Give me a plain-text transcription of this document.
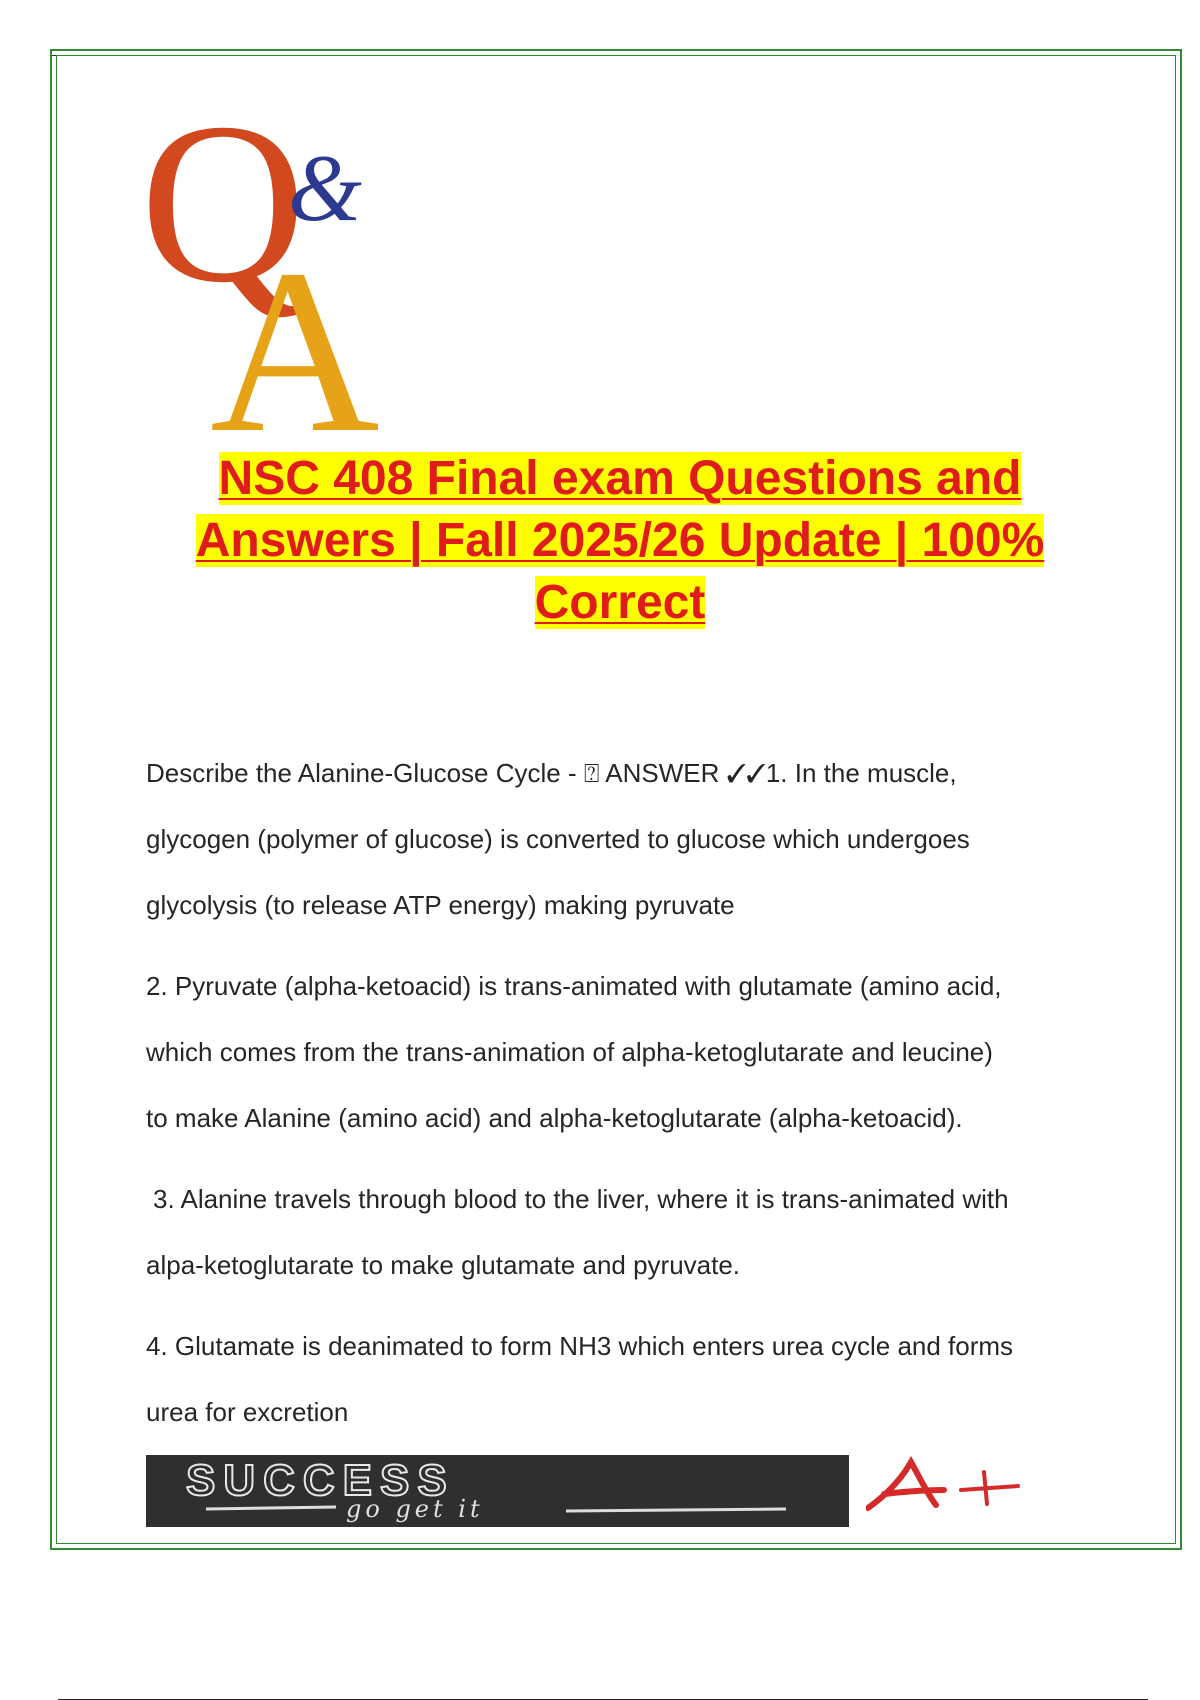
Q
&
A
NSC 408 Final exam Questions and
Answers | Fall 2025/26 Update | 100%
Correct

Describe the Alanine-Glucose Cycle - ⍰ ANSWER ✓✓1. In the muscle,
glycogen (polymer of glucose) is converted to glucose which undergoes
glycolysis (to release ATP energy) making pyruvate

2. Pyruvate (alpha-ketoacid) is trans-animated with glutamate (amino acid,
which comes from the trans-animation of alpha-ketoglutarate and leucine)
to make Alanine (amino acid) and alpha-ketoglutarate (alpha-ketoacid).

3. Alanine travels through blood to the liver, where it is trans-animated with
alpa-ketoglutarate to make glutamate and pyruvate.

4. Glutamate is deanimated to form NH3 which enters urea cycle and forms
urea for excretion

SUCCESS
go get it
A+
